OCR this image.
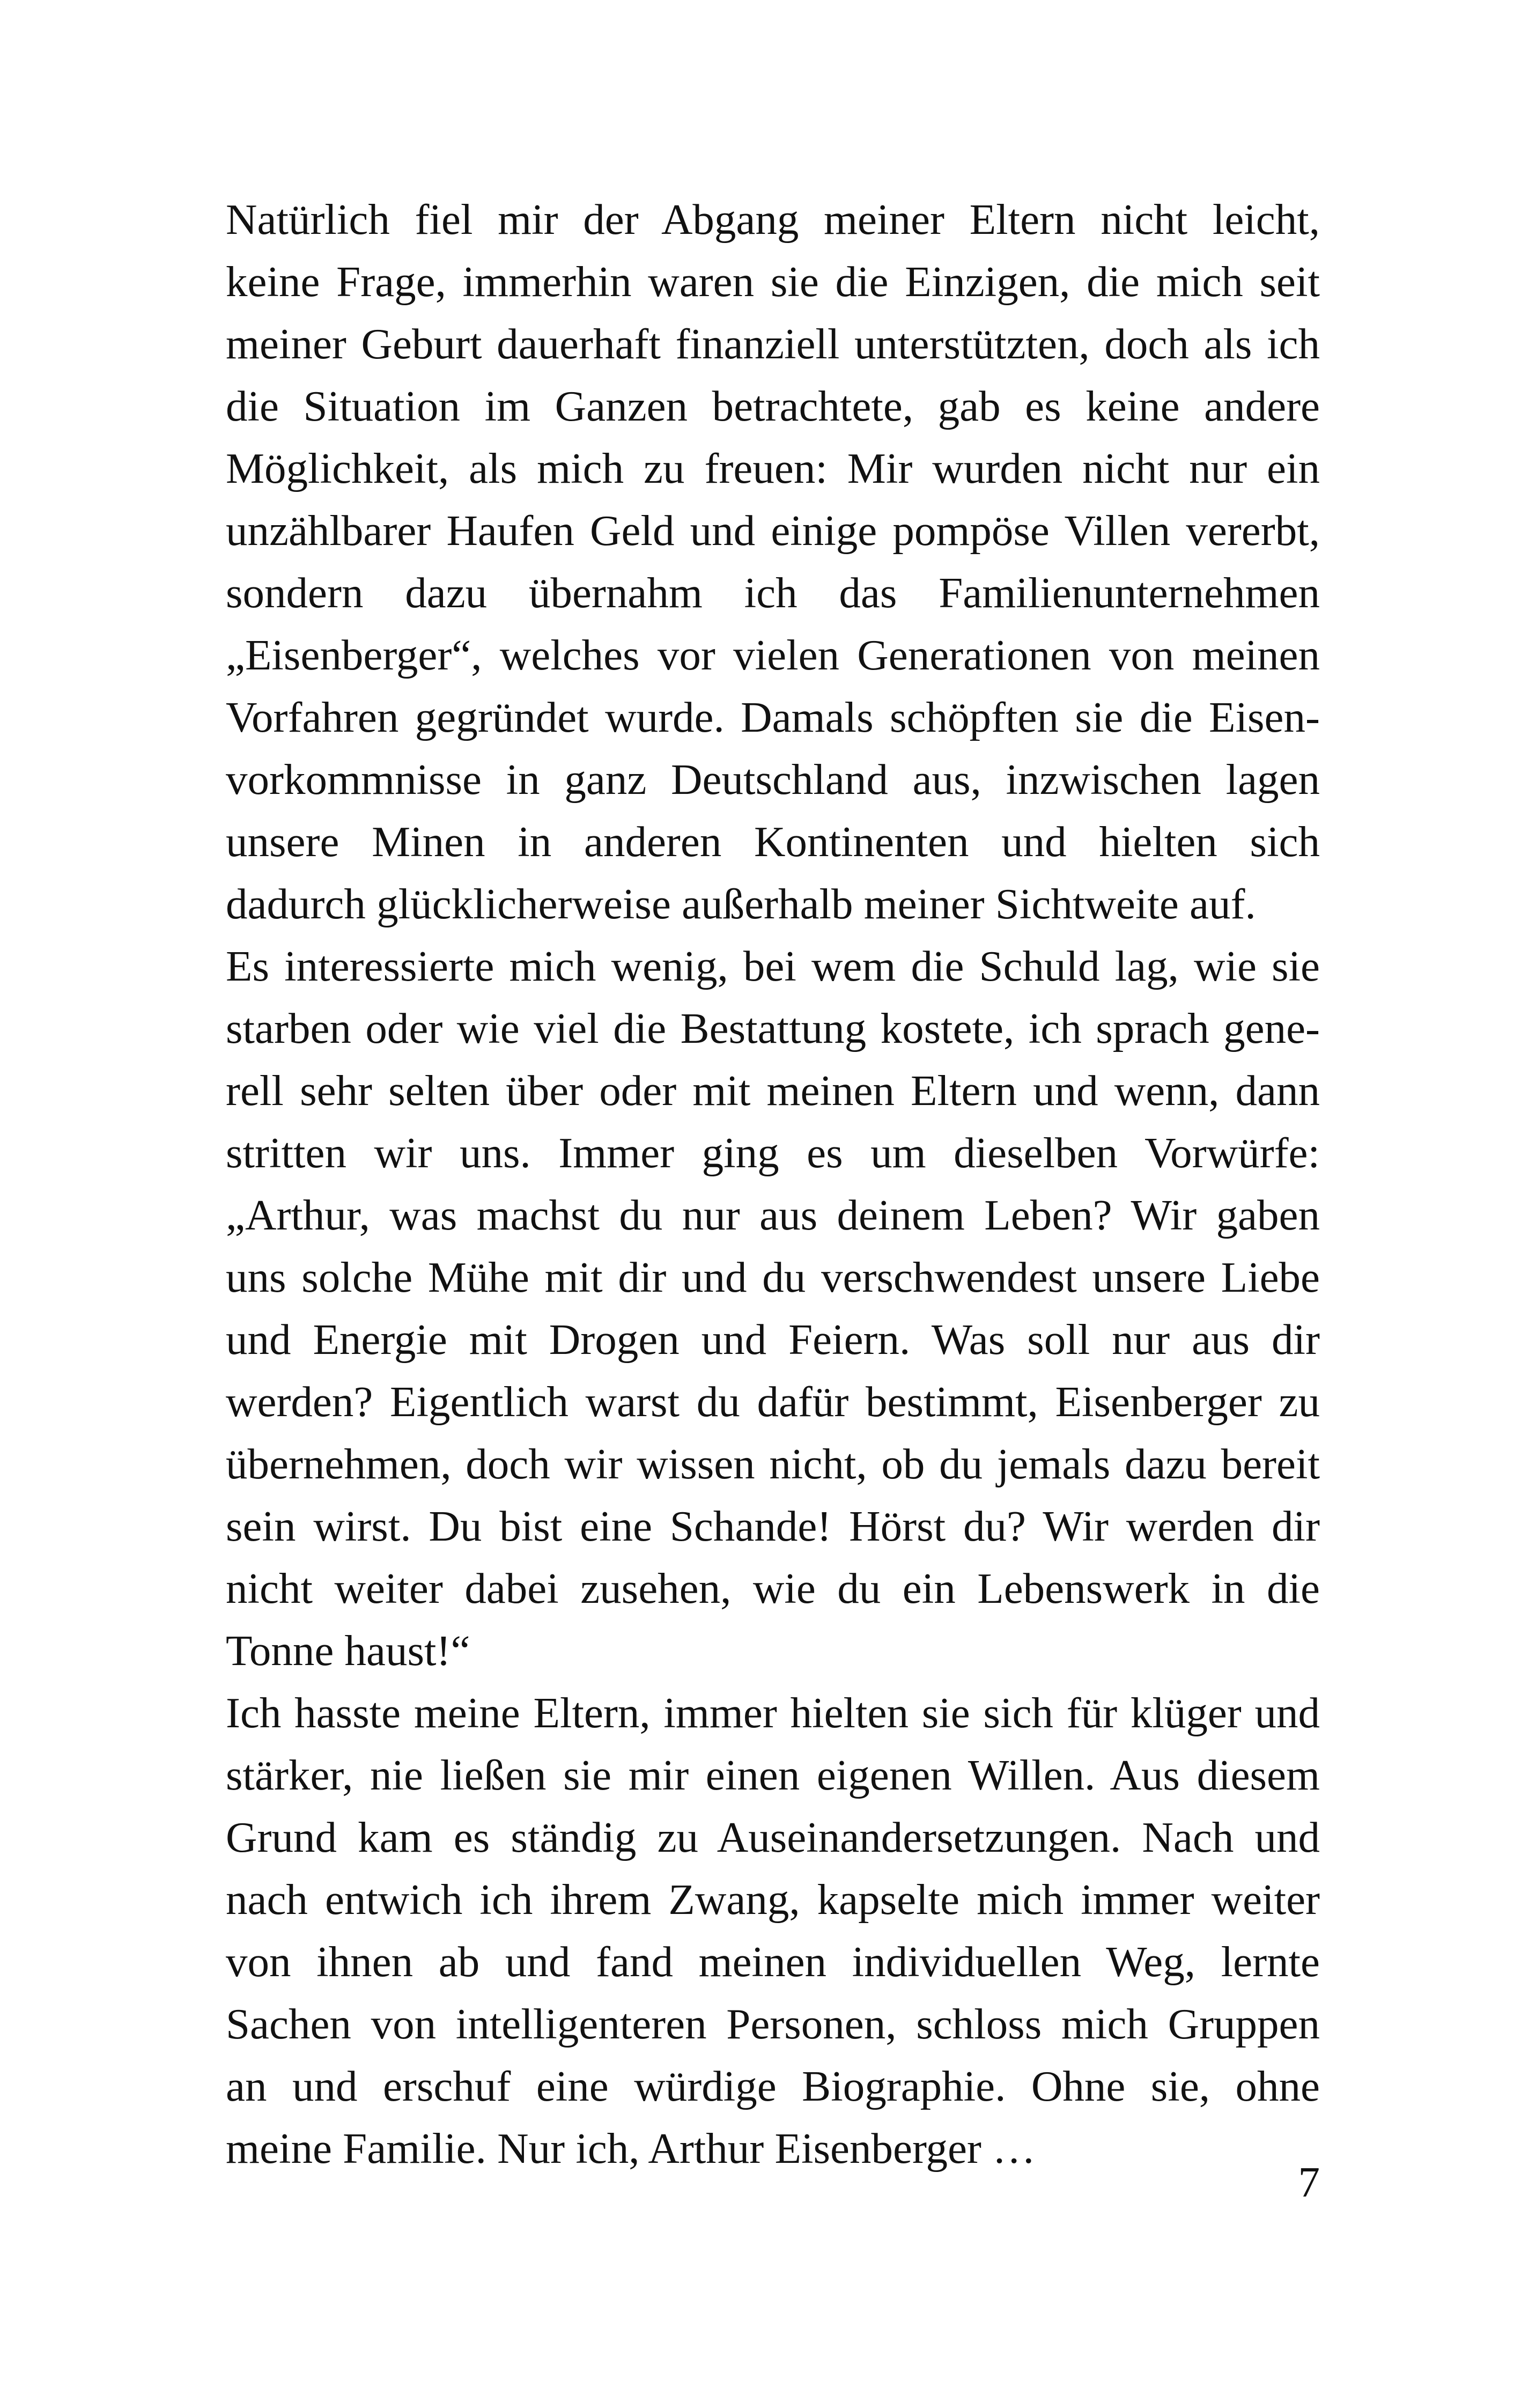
Natürlich fiel mir der Abgang meiner Eltern nicht leicht,
keine Frage, immerhin waren sie die Einzigen, die mich seit
meiner Geburt dauerhaft finanziell unterstützten, doch als ich
die Situation im Ganzen betrachtete, gab es keine andere
Möglichkeit, als mich zu freuen: Mir wurden nicht nur ein
unzählbarer Haufen Geld und einige pompöse Villen vererbt,
sondern dazu übernahm ich das Familienunternehmen
„Eisenberger“, welches vor vielen Generationen von meinen
Vorfahren gegründet wurde. Damals schöpften sie die Eisen-
vorkommnisse in ganz Deutschland aus, inzwischen lagen
unsere Minen in anderen Kontinenten und hielten sich
dadurch glücklicherweise außerhalb meiner Sichtweite auf.
Es interessierte mich wenig, bei wem die Schuld lag, wie sie
starben oder wie viel die Bestattung kostete, ich sprach gene-
rell sehr selten über oder mit meinen Eltern und wenn, dann
stritten wir uns. Immer ging es um dieselben Vorwürfe:
„Arthur, was machst du nur aus deinem Leben? Wir gaben
uns solche Mühe mit dir und du verschwendest unsere Liebe
und Energie mit Drogen und Feiern. Was soll nur aus dir
werden? Eigentlich warst du dafür bestimmt, Eisenberger zu
übernehmen, doch wir wissen nicht, ob du jemals dazu bereit
sein wirst. Du bist eine Schande! Hörst du? Wir werden dir
nicht weiter dabei zusehen, wie du ein Lebenswerk in die
Tonne haust!“
Ich hasste meine Eltern, immer hielten sie sich für klüger und
stärker, nie ließen sie mir einen eigenen Willen. Aus diesem
Grund kam es ständig zu Auseinandersetzungen. Nach und
nach entwich ich ihrem Zwang, kapselte mich immer weiter
von ihnen ab und fand meinen individuellen Weg, lernte
Sachen von intelligenteren Personen, schloss mich Gruppen
an und erschuf eine würdige Biographie. Ohne sie, ohne
meine Familie. Nur ich, Arthur Eisenberger …
7
